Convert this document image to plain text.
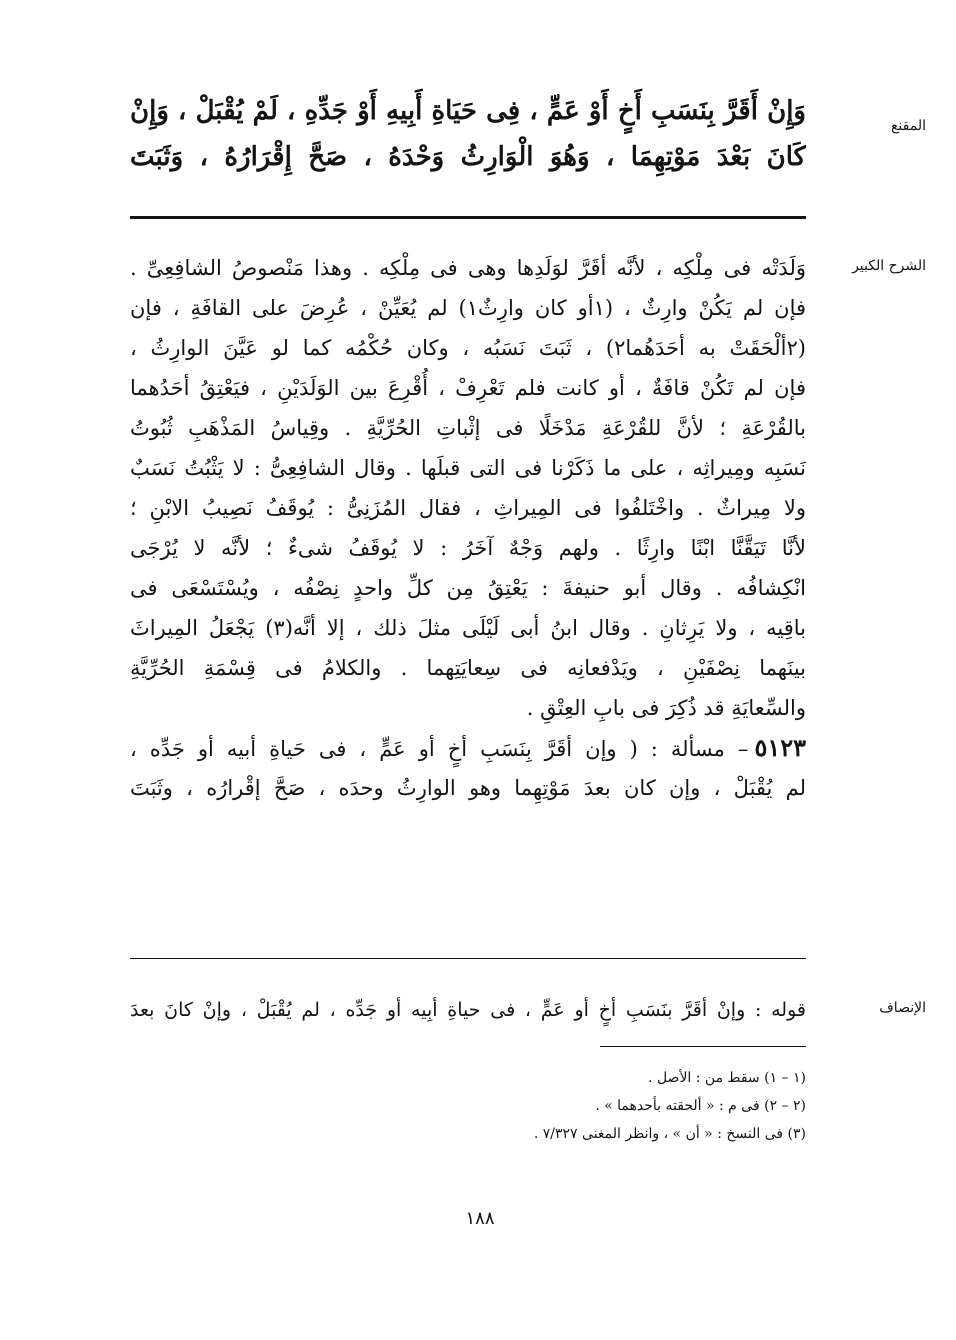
المقنع
الشرح الكبير
الإنصاف
وَإِنْ أَقَرَّ بِنَسَبِ أَخٍ أَوْ عَمٍّ ، فِى حَيَاةِ أَبِيهِ أَوْ جَدِّهِ ، لَمْ يُقْبَلْ ، وَإِنْ
كَانَ بَعْدَ مَوْتِهِمَا ، وَهُوَ الْوَارِثُ وَحْدَهُ ، صَحَّ إِقْرَارُهُ ، وَثَبَتَ
وَلَدَتْه فى مِلْكِه ، لأنَّه أقَرَّ لوَلَدِها وهى فى مِلْكِه . وهذا مَنْصوصُ الشافِعِىِّ .
فإن لم يَكُنْ وارِثٌ ، (١أو كان وارِثٌ١) لم يُعَيِّنْ ، عُرِضَ على القافَةِ ، فإن
(٢ألْحَقَتْ به أحَدَهُما٢) ، ثَبَتَ نَسَبُه ، وكان حُكْمُه كما لو عَيَّنَ الوارِثُ ،
فإن لم تَكُنْ قافَةٌ ، أو كانت فلم تَعْرِفْ ، أُقْرِعَ بين الوَلَدَيْنِ ، فيَعْتِقُ أحَدُهما
بالقُرْعَةِ ؛ لأنَّ للقُرْعَةِ مَدْخَلًا فى إثْباتِ الحُرِّيَّةِ . وقِياسُ المَذْهَبِ ثُبُوتُ
نَسَبِه ومِيراثِه ، على ما ذَكَرْنا فى التى قبلَها . وقال الشافِعِىُّ : لا يَثْبُتُ نَسَبٌ
ولا مِيراثٌ . واخْتَلفُوا فى المِيراثِ ، فقال المُزَنِىُّ : يُوقَفُ نَصِيبُ الابْنِ ؛
لأنَّا تَيَقَّنَّا ابْنًا وارِثًا . ولهم وَجْهٌ آخَرُ : لا يُوقَفُ شىءٌ ؛ لأنَّه لا يُرْجَى
انْكِشافُه . وقال أبو حنيفةَ : يَعْتِقُ مِن كلِّ واحدٍ نِصْفُه ، ويُسْتَسْعَى فى
باقِيه ، ولا يَرِثانِ . وقال ابنُ أبى لَيْلَى مثلَ ذلك ، إلا أنَّه(٣) يَجْعَلُ المِيراثَ
بينَهما نِصْفَيْنِ ، ويَدْفعانِه فى سِعايَتِهما . والكلامُ فى قِسْمَةِ الحُرِّيَّةِ
والسِّعايَةِ قد ذُكِرَ فى بابِ العِتْقِ .
٥١٢٣– مسألة : ( وإن أقَرَّ بِنَسَبِ أخٍ أو عَمٍّ ، فى حَياةِ أبيه أو جَدِّه ،
لم يُقْبَلْ ، وإن كان بعدَ مَوْتِهِما وهو الوارِثُ وحدَه ، صَحَّ إقْرارُه ، وثَبَتَ
قوله : وإنْ أقَرَّ بنَسَبِ أخٍ أو عَمٍّ ، فى حياةِ أبِيه أو جَدِّه ، لم يُقْبَلْ ، وإنْ كانَ بعدَ
(١ – ١) سقط من : الأصل .
(٢ – ٢) فى م : « ألحقته بأحدهما » .
(٣) فى النسخ : « أن » ، وانظر المغنى ٧/٣٢٧ .
١٨٨
